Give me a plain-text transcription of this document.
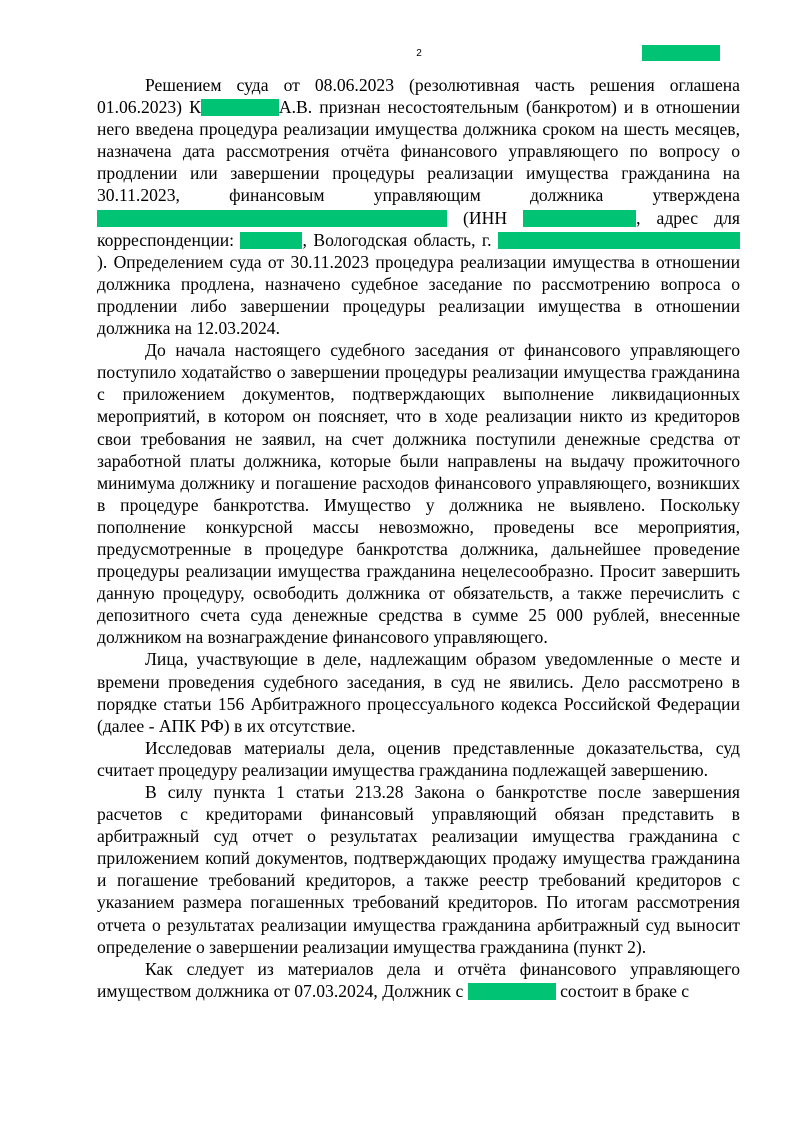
2

Решением суда от 08.06.2023 (резолютивная часть решения оглашена 01.06.2023) К	А.В. признан несостоятельным (банкротом) и в отношении него введена процедура реализации имущества должника сроком на шесть месяцев, назначена дата рассмотрения отчёта финансового управляющего по вопросу о продлении или завершении процедуры реализации имущества гражданина на 30.11.2023, финансовым управляющим должника утверждена  (ИНН	, адрес для корреспонденции:	, Вологодская область, г. ). Определением суда от 30.11.2023 процедура реализации имущества в отношении должника продлена, назначено судебное заседание по рассмотрению вопроса о продлении либо завершении процедуры реализации имущества в отношении должника на 12.03.2024.

До начала настоящего судебного заседания от финансового управляющего поступило ходатайство о завершении процедуры реализации имущества гражданина с приложением документов, подтверждающих выполнение ликвидационных мероприятий, в котором он поясняет, что в ходе реализации никто из кредиторов свои требования не заявил, на счет должника поступили денежные средства от заработной платы должника, которые были направлены на выдачу прожиточного минимума должнику и погашение расходов финансового управляющего, возникших в процедуре банкротства. Имущество у должника не выявлено. Поскольку пополнение конкурсной массы невозможно, проведены все мероприятия, предусмотренные в процедуре банкротства должника, дальнейшее проведение процедуры реализации имущества гражданина нецелесообразно. Просит завершить данную процедуру, освободить должника от обязательств, а также перечислить с депозитного счета суда денежные средства в сумме 25 000 рублей, внесенные должником на вознаграждение финансового управляющего.

Лица, участвующие в деле, надлежащим образом уведомленные о месте и времени проведения судебного заседания, в суд не явились. Дело рассмотрено в порядке статьи 156 Арбитражного процессуального кодекса Российской Федерации (далее - АПК РФ) в их отсутствие.

Исследовав материалы дела, оценив представленные доказательства, суд считает процедуру реализации имущества гражданина подлежащей завершению.

В силу пункта 1 статьи 213.28 Закона о банкротстве после завершения расчетов с кредиторами финансовый управляющий обязан представить в арбитражный суд отчет о результатах реализации имущества гражданина с приложением копий документов, подтверждающих продажу имущества гражданина и погашение требований кредиторов, а также реестр требований кредиторов с указанием размера погашенных требований кредиторов. По итогам рассмотрения отчета о результатах реализации имущества гражданина арбитражный суд выносит определение о завершении реализации имущества гражданина (пункт 2).

Как следует из материалов дела и отчёта финансового управляющего имуществом должника от 07.03.2024, Должник с	состоит в браке с
